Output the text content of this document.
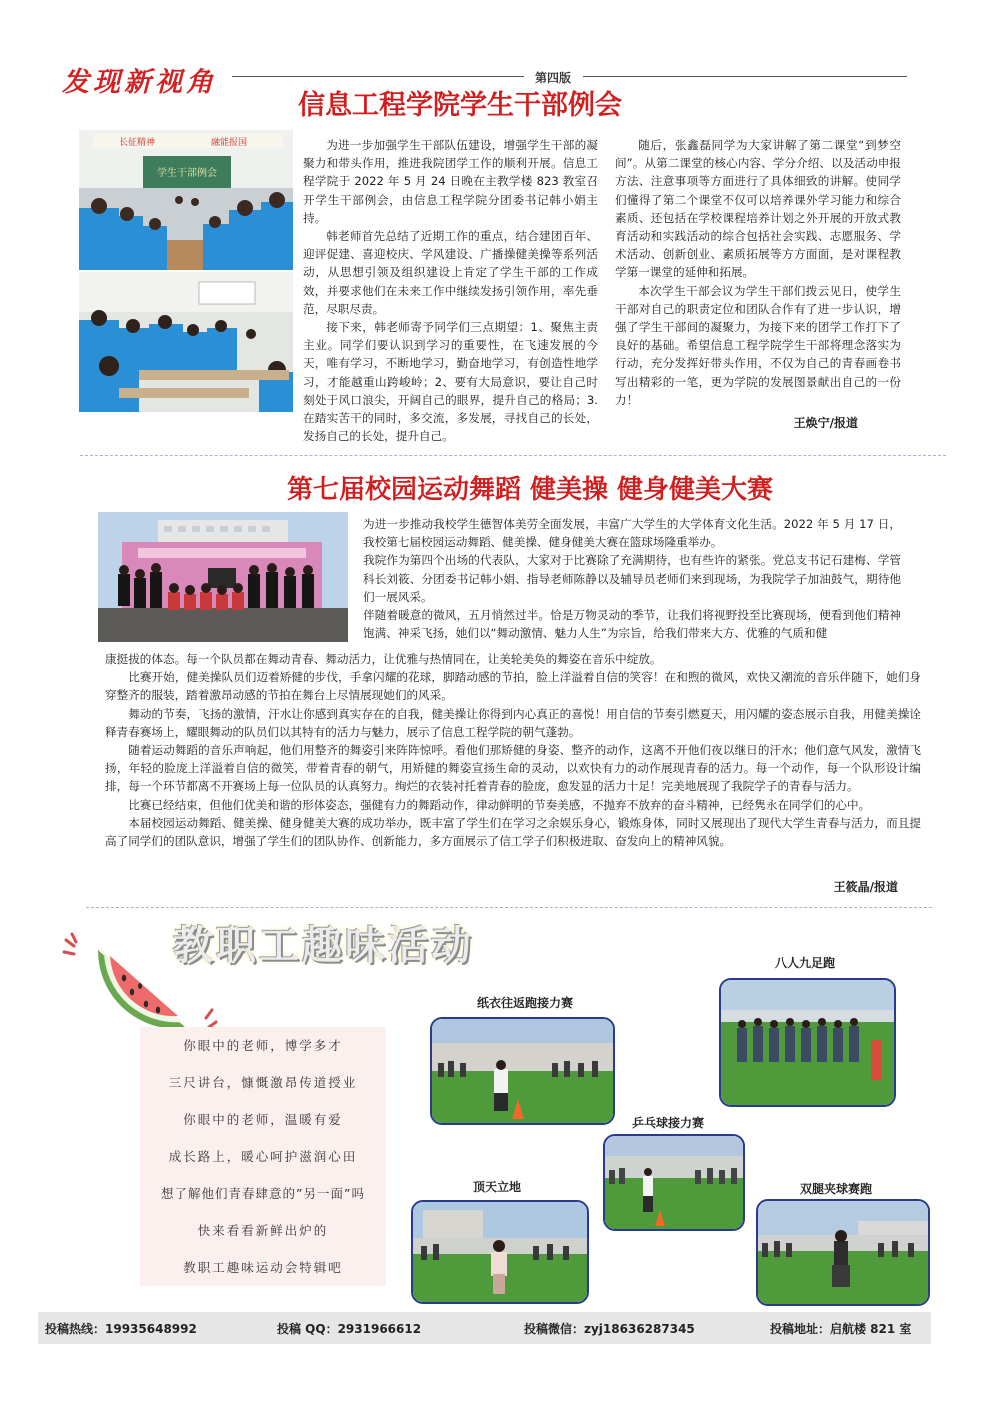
发现新视角	第四版
信息工程学院学生干部例会
长征精神	融能报国
学生干部例会

为进一步加强学生干部队伍建设，增强学生干部的凝聚力和带头作用，推进我院团学工作的顺利开展。信息工程学院于 2022 年 5 月 24 日晚在主教学楼 823 教室召开学生干部例会，由信息工程学院分团委书记韩小娟主持。

韩老师首先总结了近期工作的重点，结合建团百年、迎评促建、喜迎校庆、学风建设、广播操健美操等系列活动，从思想引领及组织建设上肯定了学生干部的工作成效，并要求他们在未来工作中继续发扬引领作用，率先垂范，尽职尽责。

接下来，韩老师寄予同学们三点期望：1、聚焦主责主业。同学们要认识到学习的重要性，在飞速发展的今天，唯有学习，不断地学习，勤奋地学习，有创造性地学习，才能越重山跨峻岭；2、要有大局意识，要让自己时刻处于风口浪尖，开阔自己的眼界，提升自己的格局；3.在踏实苦干的同时，多交流，多发展，寻找自己的长处，发扬自己的长处，提升自己。

随后，张鑫磊同学为大家讲解了第二课堂“到梦空间”。从第二课堂的核心内容、学分介绍、以及活动申报方法、注意事项等方面进行了具体细致的讲解。使同学们懂得了第二个课堂不仅可以培养课外学习能力和综合素质、还包括在学校课程培养计划之外开展的开放式教育活动和实践活动的综合包括社会实践、志愿服务、学术活动、创新创业、素质拓展等方方面面，是对课程教学第一课堂的延伸和拓展。

本次学生干部会议为学生干部们拨云见日，使学生干部对自己的职责定位和团队合作有了进一步认识，增强了学生干部间的凝聚力，为接下来的团学工作打下了良好的基础。希望信息工程学院学生干部将理念落实为行动，充分发挥好带头作用，不仅为自己的青春画卷书写出精彩的一笔，更为学院的发展图景献出自己的一份力！

王焕宁/报道
第七届校园运动舞蹈 健美操 健身健美大赛

为进一步推动我校学生德智体美劳全面发展，丰富广大学生的大学体育文化生活。2022 年 5 月 17 日，我校第七届校园运动舞蹈、健美操、健身健美大赛在篮球场隆重举办。

我院作为第四个出场的代表队，大家对于比赛除了充满期待，也有些许的紧张。党总支书记石建梅、学管科长刘筱、分团委书记韩小娟、指导老师陈静以及辅导员老师们来到现场，为我院学子加油鼓气，期待他们一展风采。

伴随着暖意的微风，五月悄然过半。恰是万物灵动的季节，让我们将视野投至比赛现场，便看到他们精神饱满、神采飞扬，她们以“舞动激情、魅力人生”为宗旨，给我们带来大方、优雅的气质和健

康挺拔的体态。每一个队员都在舞动青春、舞动活力，让优雅与热情同在，让美轮美奂的舞姿在音乐中绽放。

比赛开始，健美操队员们迈着矫健的步伐，手拿闪耀的花球，脚踏动感的节拍，脸上洋溢着自信的笑容！在和煦的微风，欢快又潮流的音乐伴随下，她们身穿整齐的服装，踏着激昂动感的节拍在舞台上尽情展现她们的风采。

舞动的节奏，飞扬的激情，汗水让你感到真实存在的自我，健美操让你得到内心真正的喜悦！用自信的节奏引燃夏天，用闪耀的姿态展示自我，用健美操诠释青春赛场上，耀眼舞动的队员们以其特有的活力与魅力，展示了信息工程学院的朝气蓬勃。

随着运动舞蹈的音乐声响起，他们用整齐的舞姿引来阵阵惊呼。看他们那矫健的身姿、整齐的动作，这离不开他们夜以继日的汗水；他们意气风发，激情飞扬，年轻的脸庞上洋溢着自信的微笑，带着青春的朝气，用矫健的舞姿宣扬生命的灵动，以欢快有力的动作展现青春的活力。每一个动作，每一个队形设计编排，每一个环节都离不开赛场上每一位队员的认真努力。绚烂的衣装衬托着青春的脸庞，愈发显的活力十足！完美地展现了我院学子的青春与活力。

比赛已经结束，但他们优美和谐的形体姿态，强健有力的舞蹈动作，律动鲜明的节奏美感，不抛弃不放弃的奋斗精神，已经隽永在同学们的心中。

本届校园运动舞蹈、健美操、健身健美大赛的成功举办，既丰富了学生们在学习之余娱乐身心，锻炼身体，同时又展现出了现代大学生青春与活力，而且提高了同学们的团队意识，增强了学生们的团队协作、创新能力，多方面展示了信工学子们积极进取、奋发向上的精神风貌。

王筱晶/报道
教职工趣味活动

你眼中的老师，博学多才

三尺讲台，慷慨激昂传道授业

你眼中的老师，温暖有爱

成长路上，暖心呵护滋润心田

想了解他们青春肆意的”另一面”吗

快来看看新鲜出炉的

教职工趣味运动会特辑吧

纸衣往返跑接力赛
八人九足跑
乒乓球接力赛
顶天立地	双腿夹球赛跑
投稿热线：19935648992	投稿 QQ：2931966612	投稿微信：zyj18636287345	投稿地址：启航楼 821 室
